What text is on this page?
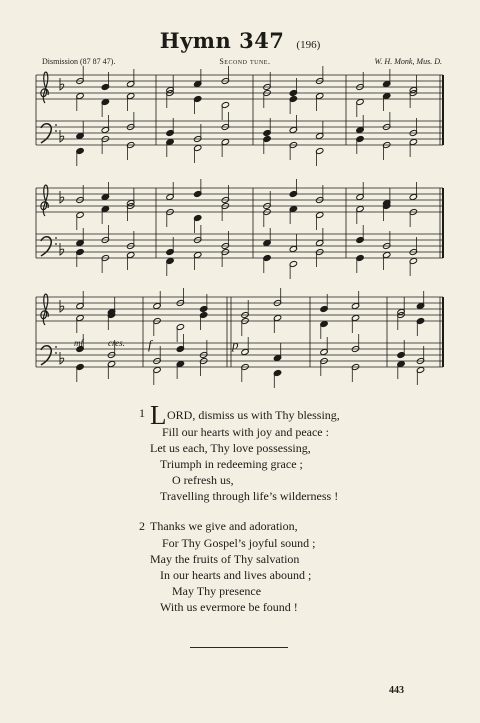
Hymn 347 (196)
Dismission (87 87 47).	Second tune.	W. H. Monk, Mus. D.
mf	cres. f	p
1 L ORD, dismiss us with Thy blessing,
Fill our hearts with joy and peace :
Let us each, Thy love possessing,
Triumph in redeeming grace ;
O refresh us,
Travelling through life’s wilderness !
2 Thanks we give and adoration,
For Thy Gospel’s joyful sound ;
May the fruits of Thy salvation
In our hearts and lives abound ;
May Thy presence
With us evermore be found !
443
